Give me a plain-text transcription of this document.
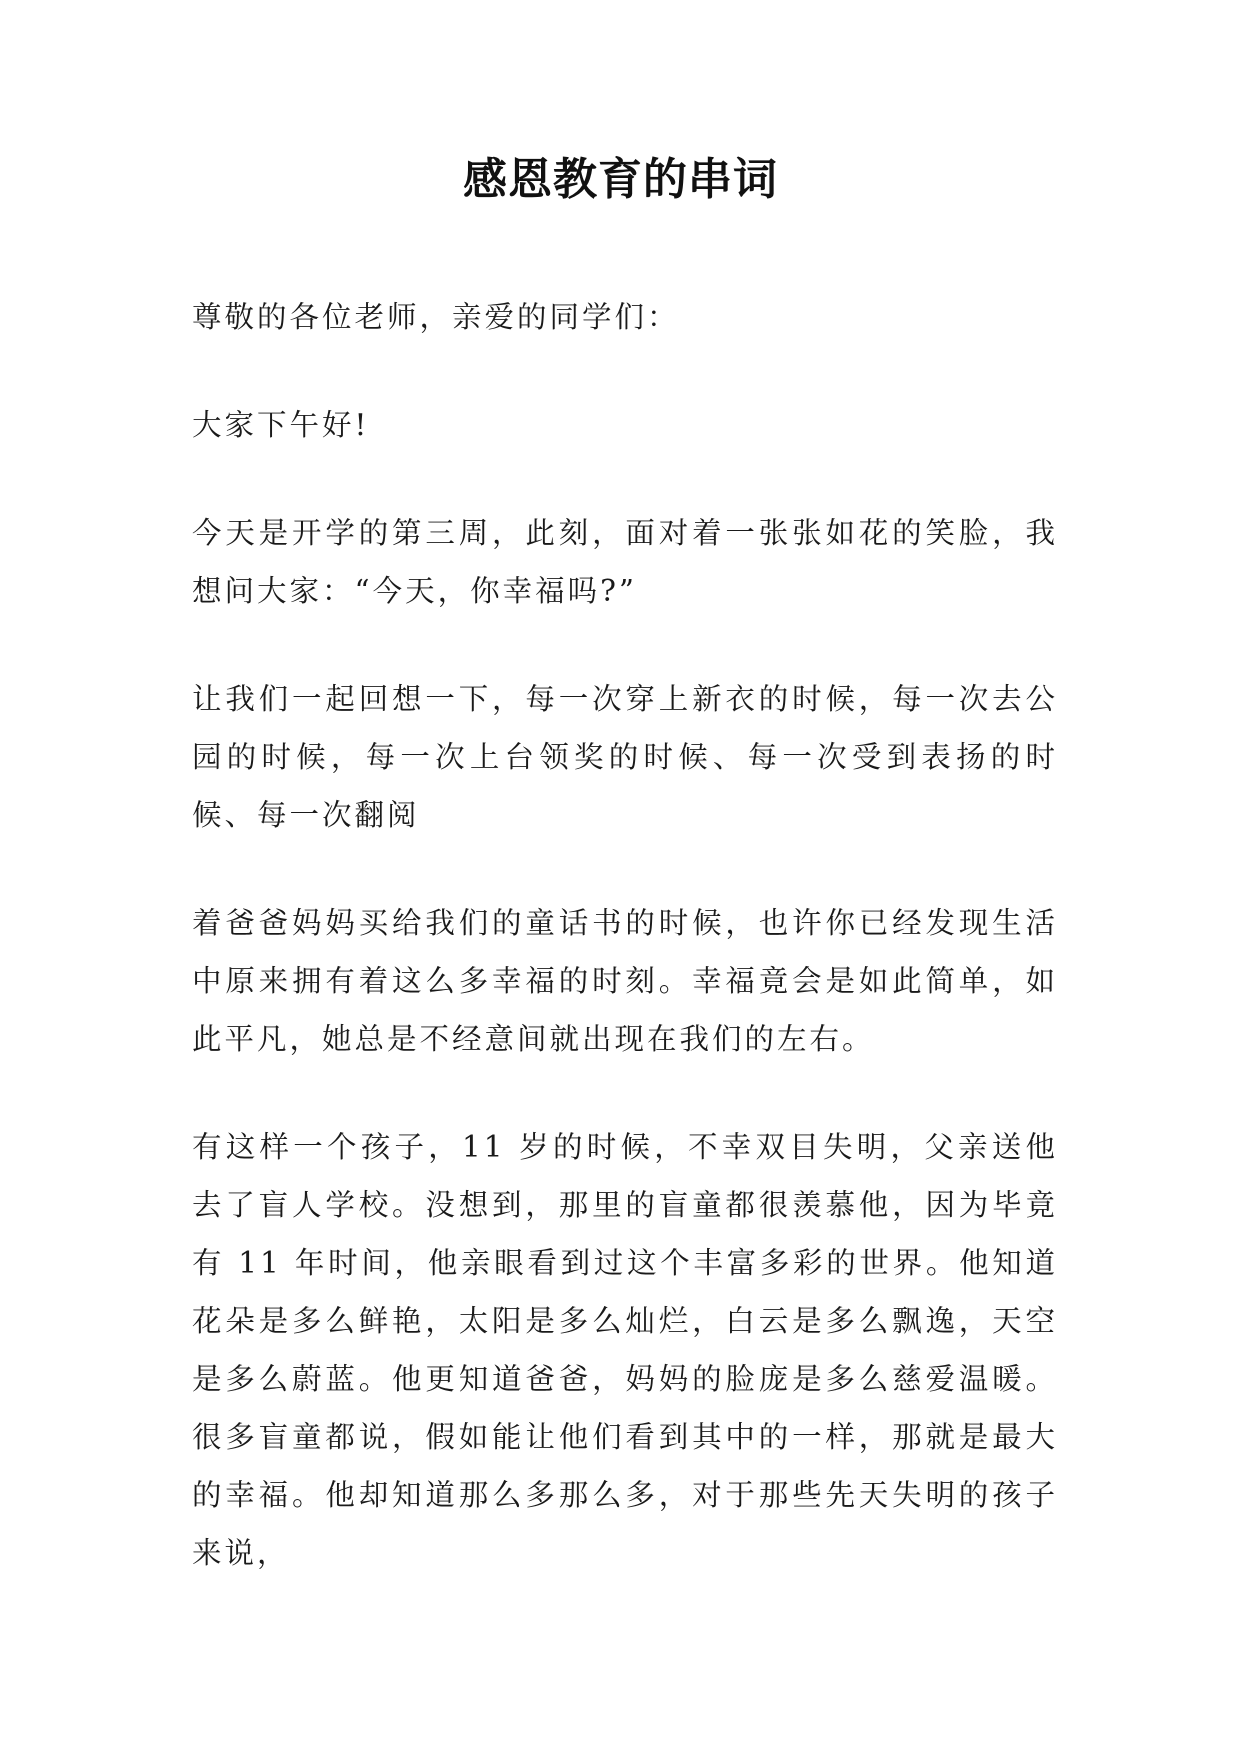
感恩教育的串词

尊敬的各位老师，亲爱的同学们：

大家下午好!

今天是开学的第三周，此刻，面对着一张张如花的笑脸，我想问大家：“今天，你幸福吗?”

让我们一起回想一下，每一次穿上新衣的时候，每一次去公园的时候，每一次上台领奖的时候、每一次受到表扬的时候、每一次翻阅

着爸爸妈妈买给我们的童话书的时候，也许你已经发现生活中原来拥有着这么多幸福的时刻。幸福竟会是如此简单，如此平凡，她总是不经意间就出现在我们的左右。

有这样一个孩子，11 岁的时候，不幸双目失明，父亲送他去了盲人学校。没想到，那里的盲童都很羡慕他，因为毕竟有 11 年时间，他亲眼看到过这个丰富多彩的世界。他知道花朵是多么鲜艳，太阳是多么灿烂，白云是多么飘逸，天空是多么蔚蓝。他更知道爸爸，妈妈的脸庞是多么慈爱温暖。很多盲童都说，假如能让他们看到其中的一样，那就是最大的幸福。他却知道那么多那么多，对于那些先天失明的孩子来说，
